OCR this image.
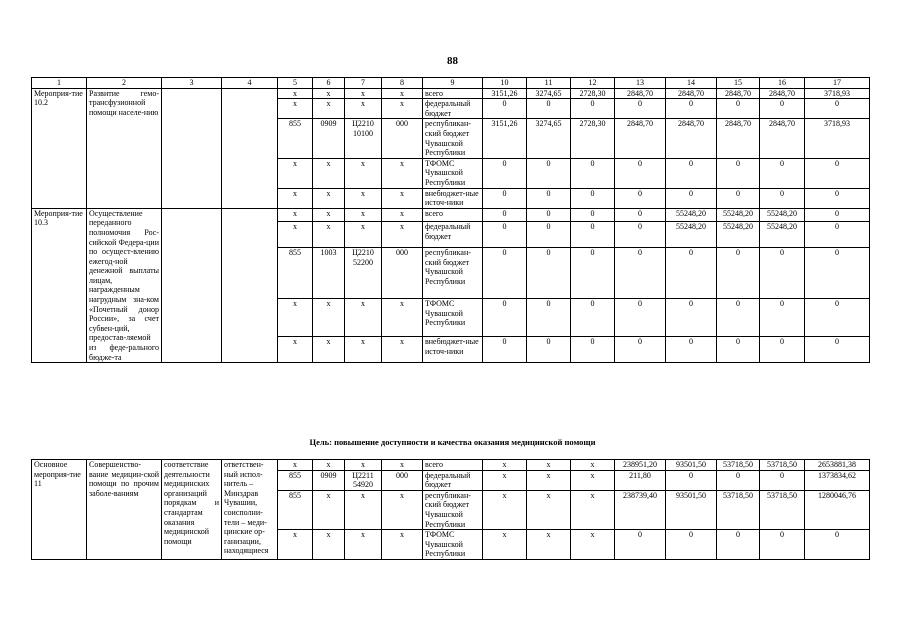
88
1	2	3	4	5	6	7	8	9	10	11	12	13	14	15	16	17
Мероприя-тие 10.2	Развитие гемо-трансфузионной помощи населе-нию			x	x	x	x	всего	3151,26	3274,65	2728,30	2848,70	2848,70	2848,70	2848,70	3718,93
				x	x	x	x	федеральный бюджет	0	0	0	0	0	0	0	0
				855	0909	Ц2210 10100	000	республикан-ский бюджет Чувашской Республики	3151,26	3274,65	2728,30	2848,70	2848,70	2848,70	2848,70	3718,93
				x	x	x	x	ТФОМС Чувашской Республики	0	0	0	0	0	0	0	0
				x	x	x	x	внебюджет-ные источ-ники	0	0	0	0	0	0	0	0
Мероприя-тие 10.3	Осуществление переданного полномочия Рос-сийской Федера-ции по осущест-влению ежегод-ной денежной выплаты лицам, награжденным нагрудным зна-ком «Почетный донор России», за счет субвен-ций, предостав-ляемой из феде-рального бюдже-та			x	x	x	x	всего	0	0	0	0	55248,20	55248,20	55248,20	0
				x	x	x	x	федеральный бюджет	0	0	0	0	55248,20	55248,20	55248,20	0
				855	1003	Ц2210 52200	000	республикан-ский бюджет Чувашской Республики	0	0	0	0	0	0	0	0
				x	x	x	x	ТФОМС Чувашской Республики	0	0	0	0	0	0	0	0
				x	x	x	x	внебюджет-ные источ-ники	0	0	0	0	0	0	0	0
Цель: повышение доступности и качества оказания медицинской помощи
Основное мероприя-тие 11	Совершенство-вание медицин-ской помощи по прочим заболе-ваниям	соответствие деятельности медицинских организаций порядкам и стандартам оказания медицинской помощи	ответствен-ный испол-нитель – Минздрав Чувашии, соисполни-тели – меди-цинские ор-ганизации, находящиеся	x	x	x	x	всего	x	x	x	238951,20	93501,50	53718,50	53718,50	2653881,38
				855	0909	Ц2211 54920	000	федеральный бюджет	x	x	x	211,80	0	0	0	1373834,62
				855	x	x	x	республикан-ский бюджет Чувашской Республики	x	x	x	238739,40	93501,50	53718,50	53718,50	1280046,76
				x	x	x	x	ТФОМС Чувашской Республики	x	x	x	0	0	0	0	0
